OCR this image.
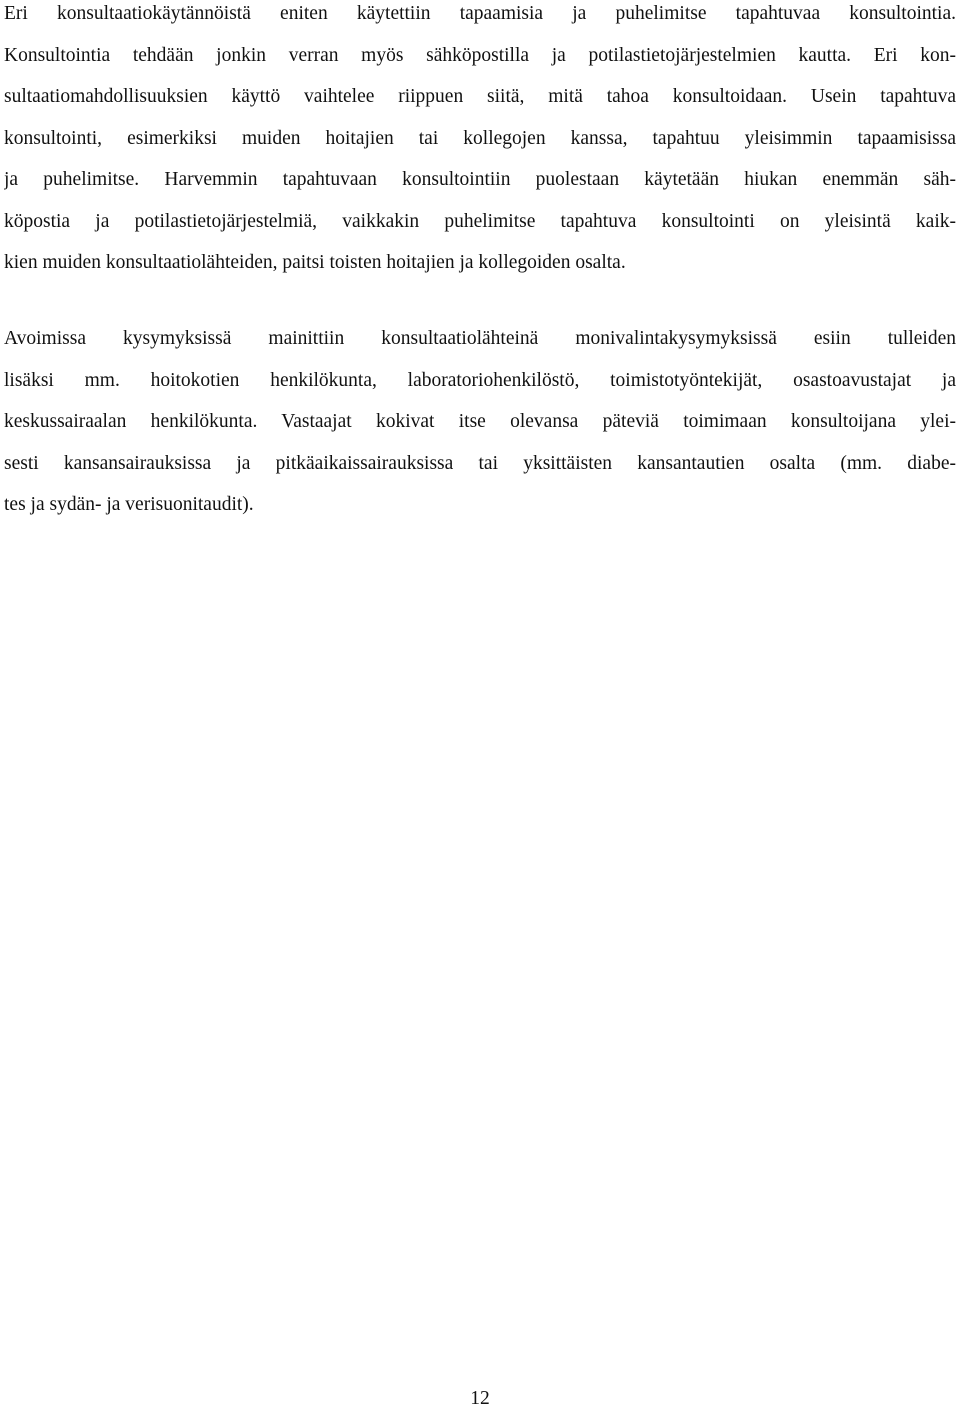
Eri konsultaatiokäytännöistä eniten käytettiin tapaamisia ja puhelimitse tapahtuvaa konsultointia.
Konsultointia tehdään jonkin verran myös sähköpostilla ja potilastietojärjestelmien kautta. Eri kon-
sultaatiomahdollisuuksien käyttö vaihtelee riippuen siitä, mitä tahoa konsultoidaan. Usein tapahtuva
konsultointi, esimerkiksi muiden hoitajien tai kollegojen kanssa, tapahtuu yleisimmin tapaamisissa
ja puhelimitse. Harvemmin tapahtuvaan konsultointiin puolestaan käytetään hiukan enemmän säh-
köpostia ja potilastietojärjestelmiä, vaikkakin puhelimitse tapahtuva konsultointi on yleisintä kaik-
kien muiden konsultaatiolähteiden, paitsi toisten hoitajien ja kollegoiden osalta.

Avoimissa kysymyksissä mainittiin konsultaatiolähteinä monivalintakysymyksissä esiin tulleiden
lisäksi mm. hoitokotien henkilökunta, laboratoriohenkilöstö, toimistotyöntekijät, osastoavustajat ja
keskussairaalan henkilökunta. Vastaajat kokivat itse olevansa päteviä toimimaan konsultoijana ylei-
sesti kansansairauksissa ja pitkäaikaissairauksissa tai yksittäisten kansantautien osalta (mm. diabe-
tes ja sydän- ja verisuonitaudit).

12
